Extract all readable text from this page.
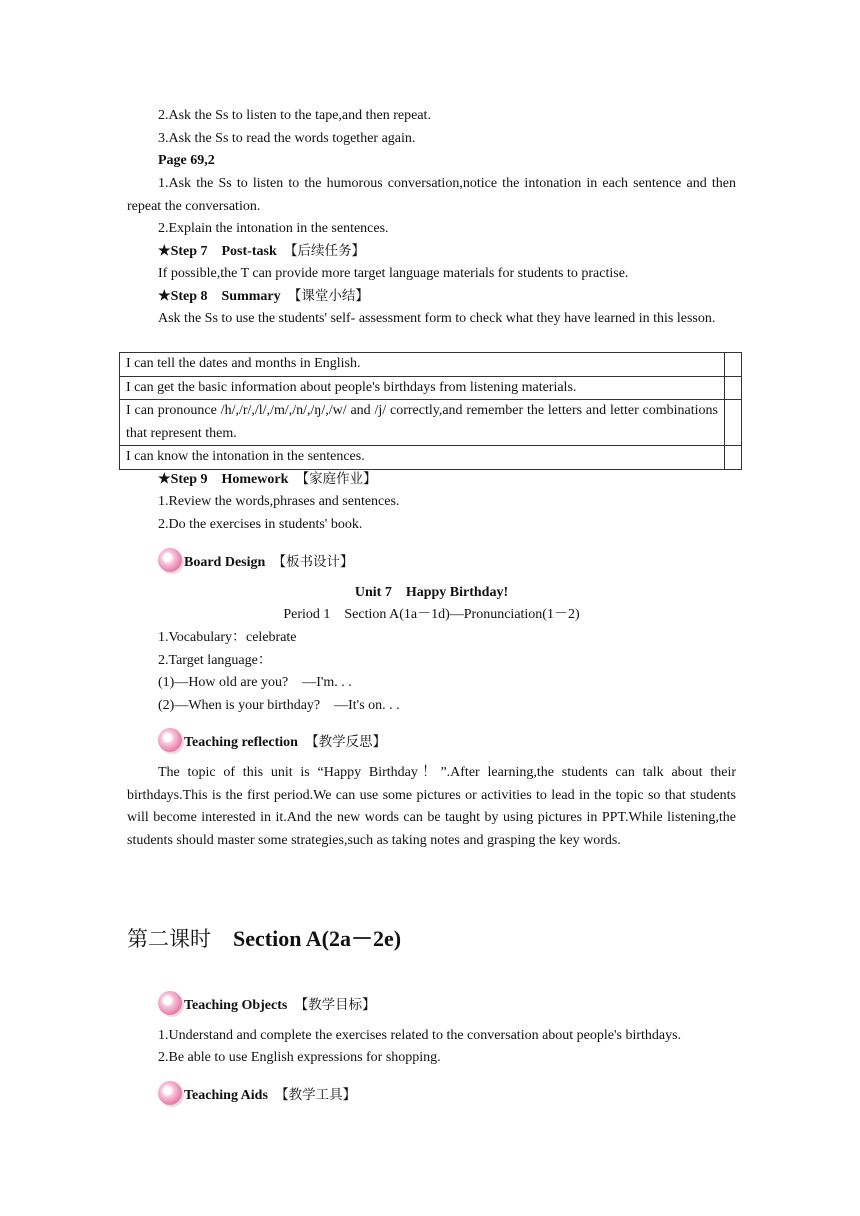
2.Ask the Ss to listen to the tape,and then repeat.
3.Ask the Ss to read the words together again.
Page 69,2
1.Ask the Ss to listen to the humorous conversation,notice the intonation in each sentence and then repeat the conversation.
2.Explain the intonation in the sentences.
★Step 7　Post-task　 【后续任务】
If possible,the T can provide more target language materials for students to practise.
★Step 8　Summary　 【课堂小结】
Ask the Ss to use the students' self- assessment form to check what they have learned in this lesson.
I can tell the dates and months in English.	
I can get the basic information about people's birthdays from listening materials.	
I can pronounce /h/,/r/,/l/,/m/,/n/,/ŋ/,/w/ and /j/ correctly,and remember the letters and letter combinations that represent them.	
I can know the intonation in the sentences.	
★Step 9　Homework　 【家庭作业】
1.Review the words,phrases and sentences.
2.Do the exercises in students' book.
Board Design　 【板书设计】
Unit 7　Happy Birthday!
Period 1　Section A(1a－1d)—Pronunciation(1－2)
1.Vocabulary：celebrate
2.Target language：
(1)—How old are you?　—I'm. . .
(2)—When is your birthday?　—It's on. . .
Teaching reflection　 【教学反思】
The topic of this unit is “Happy Birthday！”.After learning,the students can talk about their birthdays.This is the first period.We can use some pictures or activities to lead in the topic so that students will become interested in it.And the new words can be taught by using pictures in PPT.While listening,the students should master some strategies,such as taking notes and grasping the key words.
第二课时　 Section A(2a－2e)
Teaching Objects　 【教学目标】
1.Understand and complete the exercises related to the conversation about people's birthdays.
2.Be able to use English expressions for shopping.
Teaching Aids　 【教学工具】
